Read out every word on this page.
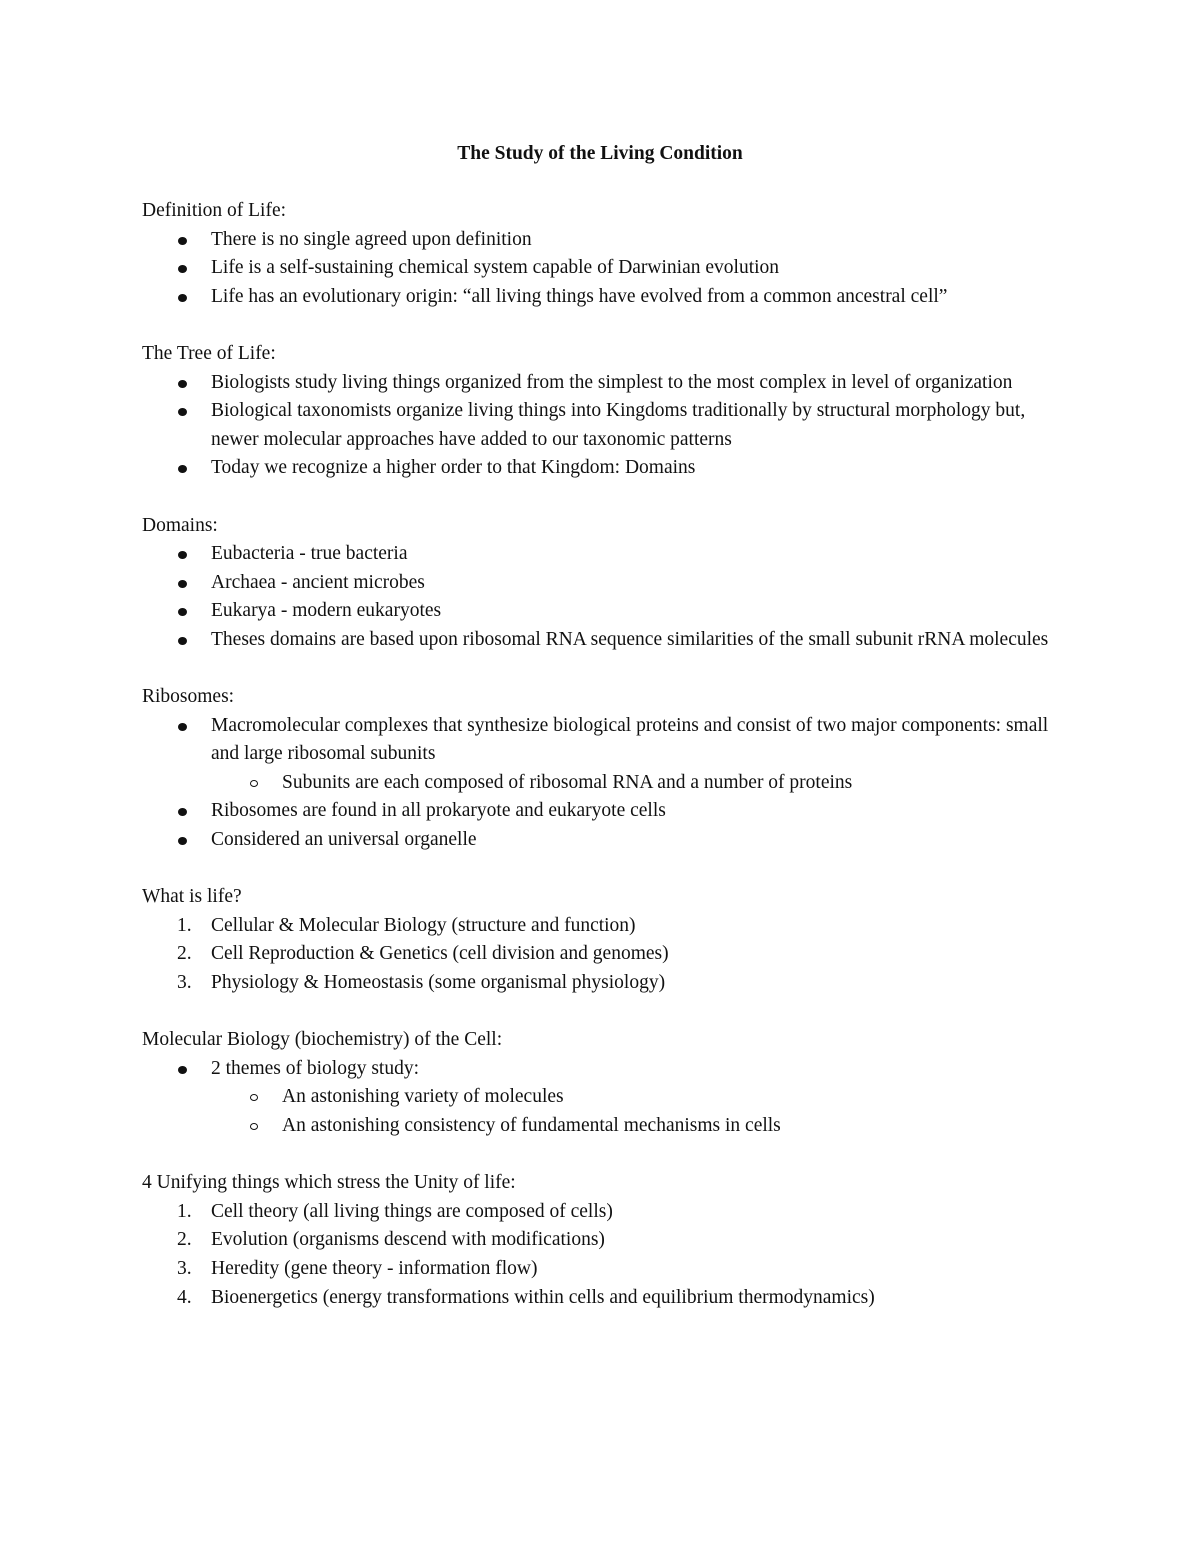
The Study of the Living Condition
Definition of Life:
There is no single agreed upon definition
Life is a self-sustaining chemical system capable of Darwinian evolution
Life has an evolutionary origin: “all living things have evolved from a common ancestral cell”
The Tree of Life:
Biologists study living things organized from the simplest to the most complex in level of organization
Biological taxonomists organize living things into Kingdoms traditionally by structural morphology but, newer molecular approaches have added to our taxonomic patterns
Today we recognize a higher order to that Kingdom: Domains
Domains:
Eubacteria - true bacteria
Archaea - ancient microbes
Eukarya - modern eukaryotes
Theses domains are based upon ribosomal RNA sequence similarities of the small subunit rRNA molecules
Ribosomes:
Macromolecular complexes that synthesize biological proteins and consist of two major components: small and large ribosomal subunits
Subunits are each composed of ribosomal RNA and a number of proteins
Ribosomes are found in all prokaryote and eukaryote cells
Considered an universal organelle
What is life?
1. Cellular & Molecular Biology (structure and function)
2. Cell Reproduction & Genetics (cell division and genomes)
3. Physiology & Homeostasis (some organismal physiology)
Molecular Biology (biochemistry) of the Cell:
2 themes of biology study:
An astonishing variety of molecules
An astonishing consistency of fundamental mechanisms in cells
4 Unifying things which stress the Unity of life:
1. Cell theory (all living things are composed of cells)
2. Evolution (organisms descend with modifications)
3. Heredity (gene theory - information flow)
4. Bioenergetics (energy transformations within cells and equilibrium thermodynamics)
